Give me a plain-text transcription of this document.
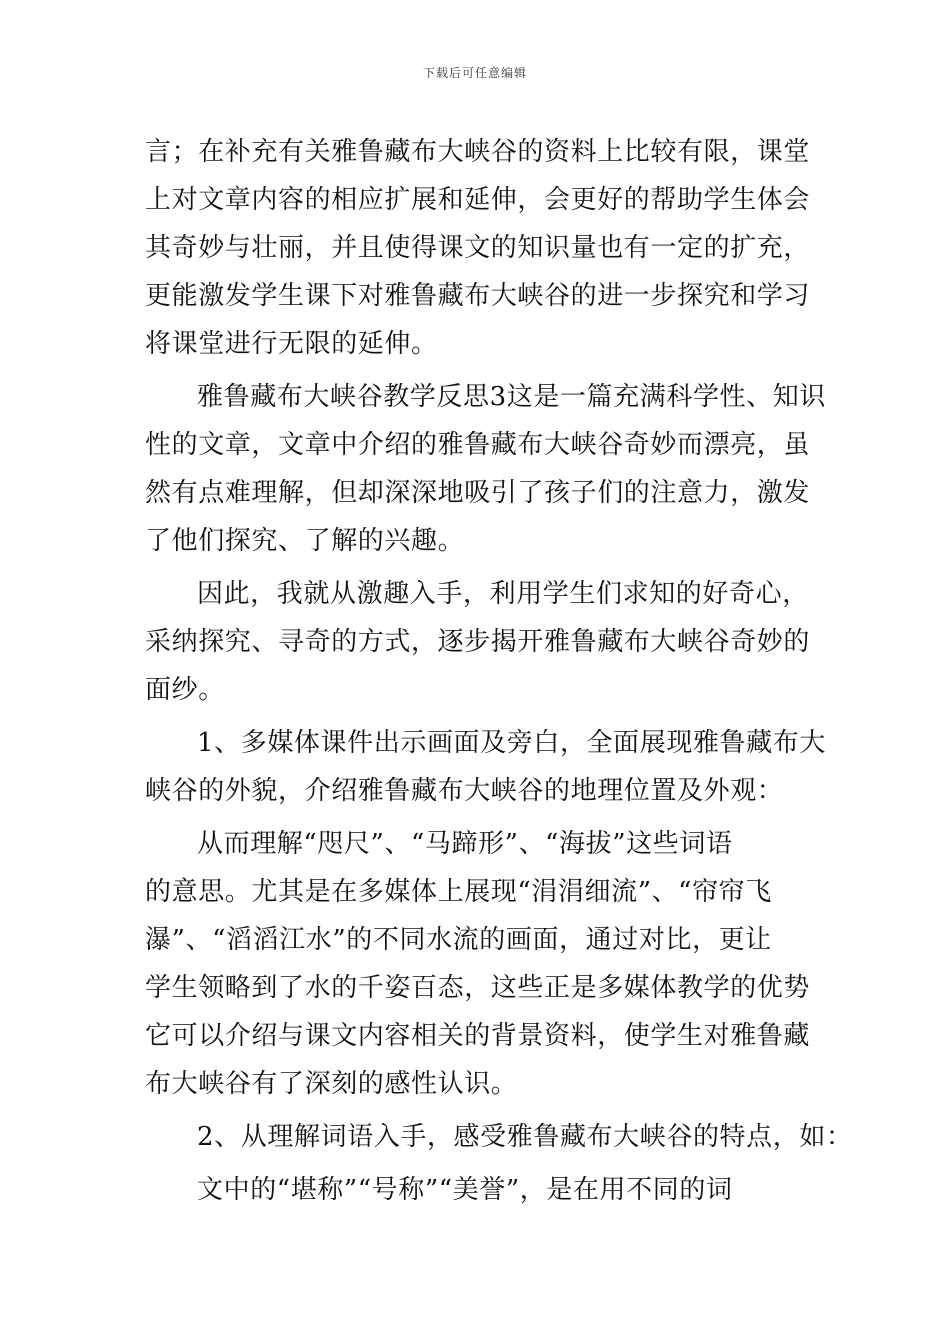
下载后可任意编辑
言；在补充有关雅鲁藏布大峡谷的资料上比较有限，课堂
上对文章内容的相应扩展和延伸，会更好的帮助学生体会
其奇妙与壮丽，并且使得课文的知识量也有一定的扩充，
更能激发学生课下对雅鲁藏布大峡谷的进一步探究和学习
将课堂进行无限的延伸。
雅鲁藏布大峡谷教学反思3这是一篇充满科学性、知识
性的文章，文章中介绍的雅鲁藏布大峡谷奇妙而漂亮，虽
然有点难理解，但却深深地吸引了孩子们的注意力，激发
了他们探究、了解的兴趣。
因此，我就从激趣入手，利用学生们求知的好奇心，
采纳探究、寻奇的方式，逐步揭开雅鲁藏布大峡谷奇妙的
面纱。
1、多媒体课件出示画面及旁白，全面展现雅鲁藏布大
峡谷的外貌，介绍雅鲁藏布大峡谷的地理位置及外观：
从而理解“咫尺”、“马蹄形”、“海拔”这些词语
的意思。尤其是在多媒体上展现“涓涓细流”、“帘帘飞
瀑”、“滔滔江水”的不同水流的画面，通过对比，更让
学生领略到了水的千姿百态，这些正是多媒体教学的优势
它可以介绍与课文内容相关的背景资料，使学生对雅鲁藏
布大峡谷有了深刻的感性认识。
2、从理解词语入手，感受雅鲁藏布大峡谷的特点，如：
文中的“堪称”“号称”“美誉”，是在用不同的词
